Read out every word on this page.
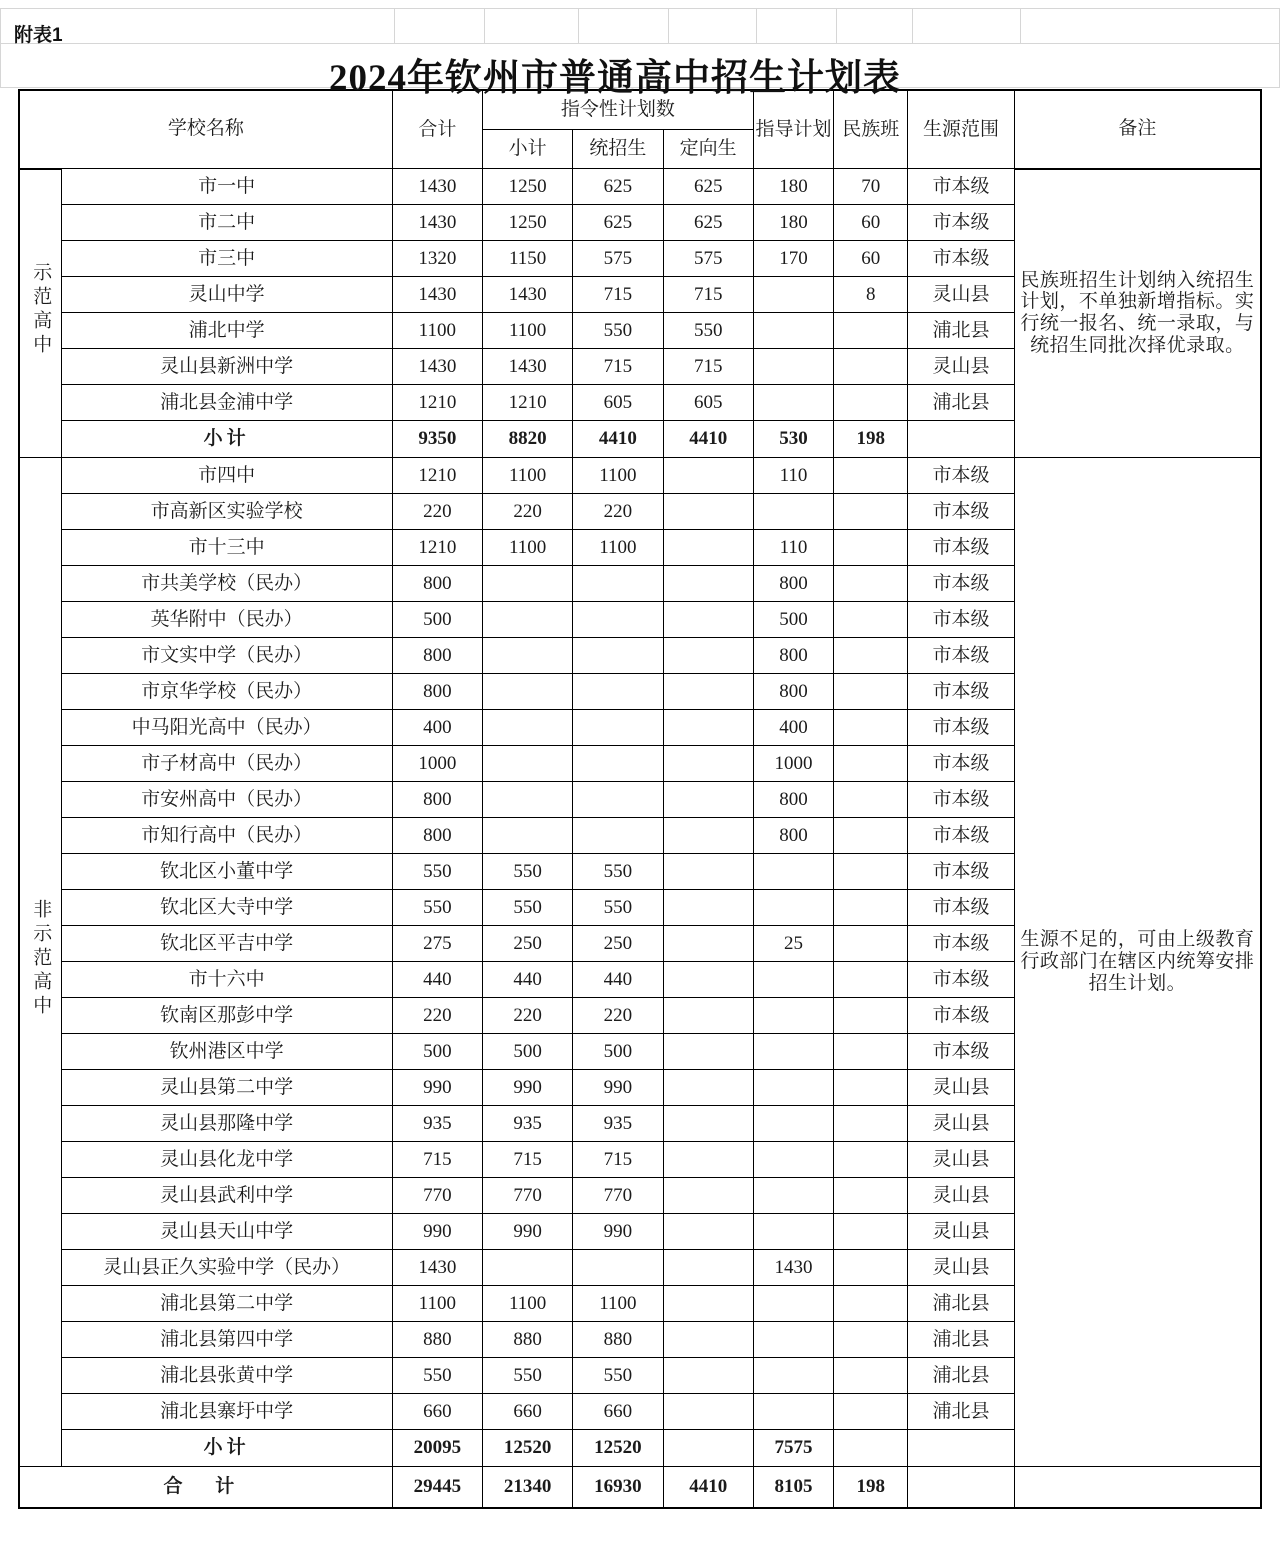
附表1
2024年钦州市普通高中招生计划表
学校名称		合计	指令性计划数			指导计划	民族班	生源范围	备注
			小计	统招生	定向生				
示范高中	市一中	1430	1250	625	625	180	70	市本级	民族班招生计划纳入统招生计划，不单独新增指标。实行统一报名、统一录取，与统招生同批次择优录取。

	市二中	1430	1250	625	625	180	60	市本级	
	市三中	1320	1150	575	575	170	60	市本级	
	灵山中学	1430	1430	715	715		8	灵山县	
	浦北中学	1100	1100	550	550			浦北县	
	灵山县新洲中学	1430	1430	715	715			灵山县	
	浦北县金浦中学	1210	1210	605	605			浦北县	
	小计	9350	8820	4410	4410	530	198		
非示范高中	市四中	1210	1100	1100		110		市本级	生源不足的，可由上级教育行政部门在辖区内统筹安排招生计划。

	市高新区实验学校	220	220	220				市本级	
	市十三中	1210	1100	1100		110		市本级	
	市共美学校（民办）	800				800		市本级	
	英华附中（民办）	500				500		市本级	
	市文实中学（民办）	800				800		市本级	
	市京华学校（民办）	800				800		市本级	
	中马阳光高中（民办）	400				400		市本级	
	市子材高中（民办）	1000				1000		市本级	
	市安州高中（民办）	800				800		市本级	
	市知行高中（民办）	800				800		市本级	
	钦北区小董中学	550	550	550				市本级	
	钦北区大寺中学	550	550	550				市本级	
	钦北区平吉中学	275	250	250		25		市本级	
	市十六中	440	440	440				市本级	
	钦南区那彭中学	220	220	220				市本级	
	钦州港区中学	500	500	500				市本级	
	灵山县第二中学	990	990	990				灵山县	
	灵山县那隆中学	935	935	935				灵山县	
	灵山县化龙中学	715	715	715				灵山县	
	灵山县武利中学	770	770	770				灵山县	
	灵山县天山中学	990	990	990				灵山县	
	灵山县正久实验中学（民办）	1430				1430		灵山县	
	浦北县第二中学	1100	1100	1100				浦北县	
	浦北县第四中学	880	880	880				浦北县	
	浦北县张黄中学	550	550	550				浦北县	
	浦北县寨圩中学	660	660	660				浦北县	
	小计	20095	12520	12520		7575			
合 计		29445	21340	16930	4410	8105	198		
